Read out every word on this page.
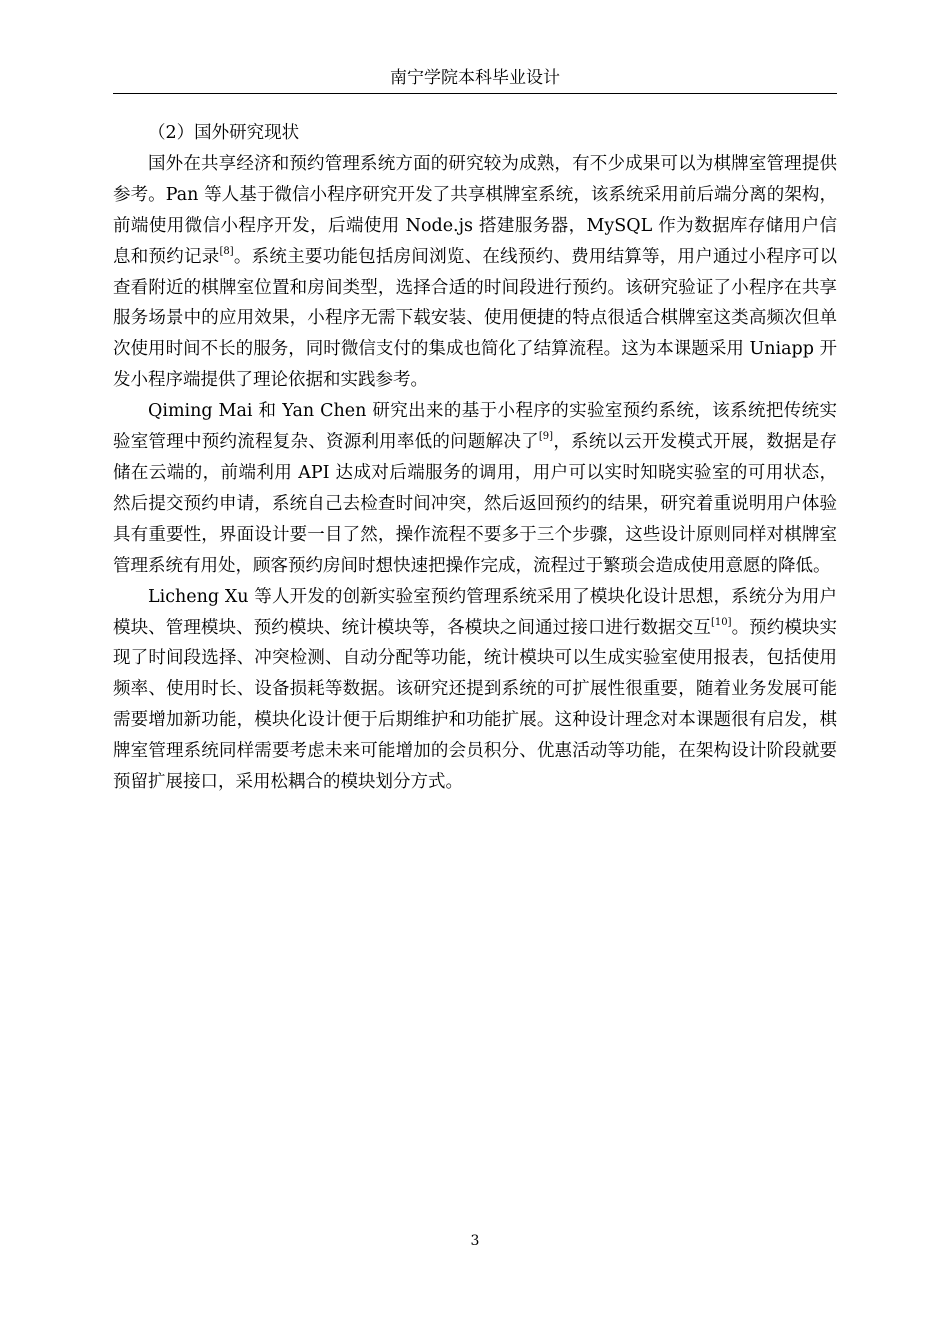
南宁学院本科毕业设计

（2）国外研究现状

国外在共享经济和预约管理系统方面的研究较为成熟，有不少成果可以为棋牌室管理提供参考。Pan 等人基于微信小程序研究开发了共享棋牌室系统，该系统采用前后端分离的架构，前端使用微信小程序开发，后端使用 Node.js 搭建服务器，MySQL 作为数据库存储用户信息和预约记录[8]。系统主要功能包括房间浏览、在线预约、费用结算等，用户通过小程序可以查看附近的棋牌室位置和房间类型，选择合适的时间段进行预约。该研究验证了小程序在共享服务场景中的应用效果，小程序无需下载安装、使用便捷的特点很适合棋牌室这类高频次但单次使用时间不长的服务，同时微信支付的集成也简化了结算流程。这为本课题采用 Uniapp 开发小程序端提供了理论依据和实践参考。

Qiming Mai 和 Yan Chen 研究出来的基于小程序的实验室预约系统，该系统把传统实验室管理中预约流程复杂、资源利用率低的问题解决了[9]，系统以云开发模式开展，数据是存储在云端的，前端利用 API 达成对后端服务的调用，用户可以实时知晓实验室的可用状态，然后提交预约申请，系统自己去检查时间冲突，然后返回预约的结果，研究着重说明用户体验具有重要性，界面设计要一目了然，操作流程不要多于三个步骤，这些设计原则同样对棋牌室管理系统有用处，顾客预约房间时想快速把操作完成，流程过于繁琐会造成使用意愿的降低。

Licheng Xu 等人开发的创新实验室预约管理系统采用了模块化设计思想，系统分为用户模块、管理模块、预约模块、统计模块等，各模块之间通过接口进行数据交互[10]。预约模块实现了时间段选择、冲突检测、自动分配等功能，统计模块可以生成实验室使用报表，包括使用频率、使用时长、设备损耗等数据。该研究还提到系统的可扩展性很重要，随着业务发展可能需要增加新功能，模块化设计便于后期维护和功能扩展。这种设计理念对本课题很有启发，棋牌室管理系统同样需要考虑未来可能增加的会员积分、优惠活动等功能，在架构设计阶段就要预留扩展接口，采用松耦合的模块划分方式。

3
